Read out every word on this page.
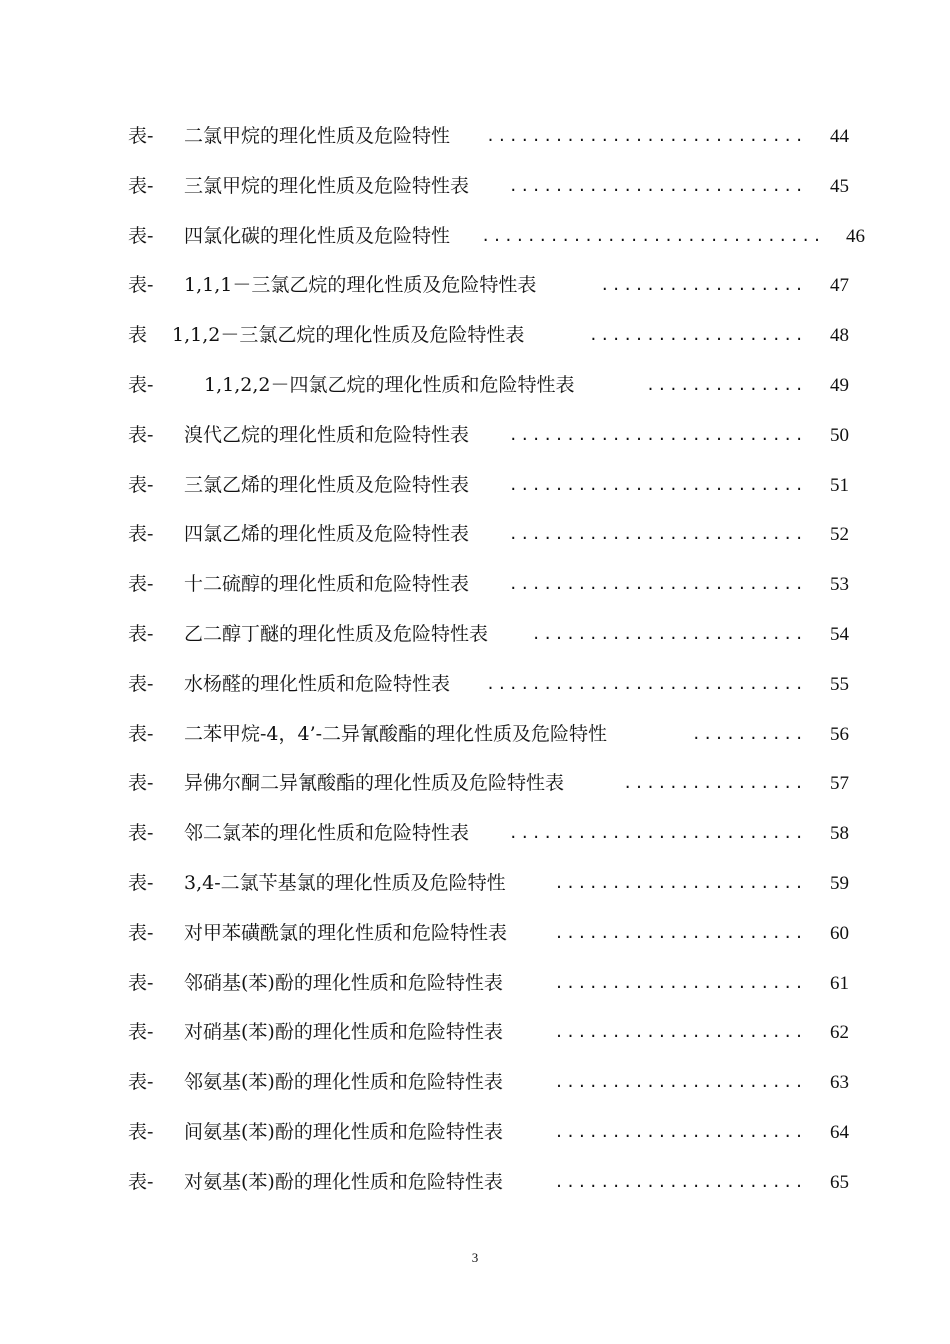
表- 二氯甲烷的理化性质及危险特性 ............................ 44
表- 三氯甲烷的理化性质及危险特性表	.......................... 45
表- 四氯化碳的理化性质及危险特性 .............................. 46
表- 1,1,1－三氯乙烷的理化性质及危险特性表	.................. 47
表 1,1,2－三氯乙烷的理化性质及危险特性表	................... 48
表-	1,1,2,2－四氯乙烷的理化性质和危险特性表	.............. 49
表- 溴代乙烷的理化性质和危险特性表	.......................... 50
表- 三氯乙烯的理化性质及危险特性表	.......................... 51
表- 四氯乙烯的理化性质及危险特性表	.......................... 52
表- 十二硫醇的理化性质和危险特性表	.......................... 53
表- 乙二醇丁醚的理化性质及危险特性表	........................ 54
表- 水杨醛的理化性质和危险特性表 ............................ 55
表- 二苯甲烷-4，4’-二异氰酸酯的理化性质及危险特性	.......... 56
表- 异佛尔酮二异氰酸酯的理化性质及危险特性表	................ 57
表- 邻二氯苯的理化性质和危险特性表	.......................... 58
表- 3,4-二氯苄基氯的理化性质及危险特性	...................... 59
表- 对甲苯磺酰氯的理化性质和危险特性表	...................... 60
表- 邻硝基(苯)酚的理化性质和危险特性表	...................... 61
表- 对硝基(苯)酚的理化性质和危险特性表	...................... 62
表- 邻氨基(苯)酚的理化性质和危险特性表	...................... 63
表- 间氨基(苯)酚的理化性质和危险特性表	...................... 64
表- 对氨基(苯)酚的理化性质和危险特性表	...................... 65
3
